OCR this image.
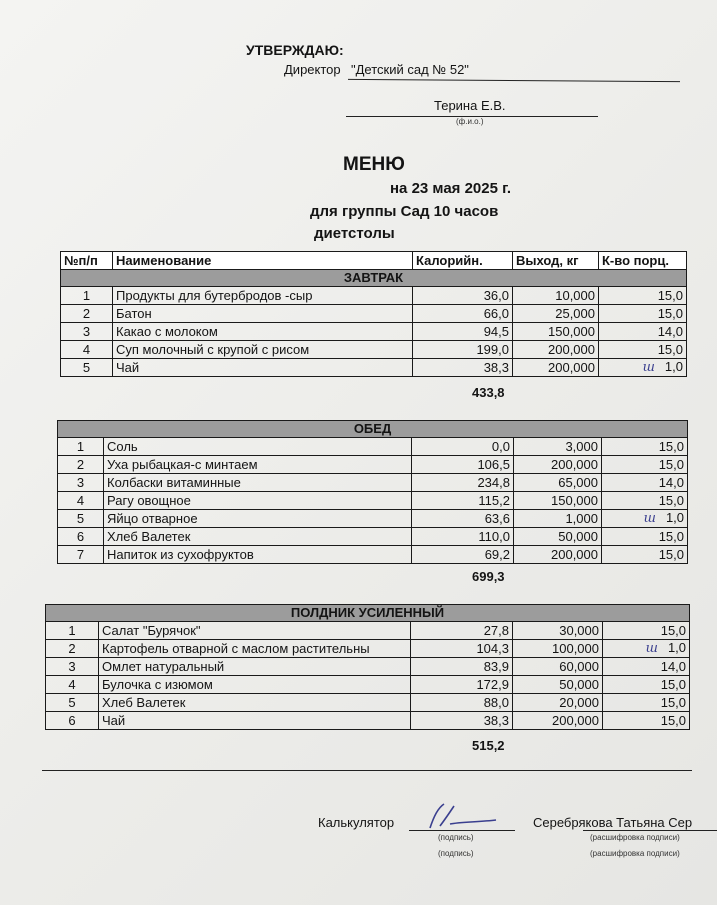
УТВЕРЖДАЮ:
Директор "Детский сад № 52"
Терина Е.В.
(ф.и.о.)
МЕНЮ
на 23 мая 2025 г.
для группы Сад 10 часов
диетстолы
№п/п	Наименование	Калорийн.	Выход, кг	К-во порц.
ЗАВТРАК				
1	Продукты для бутербродов -сыр	36,0	10,000	15,0
2	Батон	66,0	25,000	15,0
3	Какао с молоком	94,5	150,000	14,0
4	Суп молочный с крупой с рисом	199,0	200,000	15,0
5	Чай	38,3	200,000	ш 1,0
433,8
ОБЕД				
1	Соль	0,0	3,000	15,0
2	Уха рыбацкая-с минтаем	106,5	200,000	15,0
3	Колбаски витаминные	234,8	65,000	14,0
4	Рагу овощное	115,2	150,000	15,0
5	Яйцо отварное	63,6	1,000	ш 1,0
6	Хлеб Валетек	110,0	50,000	15,0
7	Напиток из сухофруктов	69,2	200,000	15,0
699,3
ПОЛДНИК УСИЛЕННЫЙ				
1	Салат "Бурячок"	27,8	30,000	15,0
2	Картофель отварной с маслом растительны	104,3	100,000	ш 1,0
3	Омлет натуральный	83,9	60,000	14,0
4	Булочка с изюмом	172,9	50,000	15,0
5	Хлеб Валетек	88,0	20,000	15,0
6	Чай	38,3	200,000	15,0
515,2
Калькулятор
(подпись)
(подпись)
Серебрякова Татьяна Сер
(расшифровка подписи)
(расшифровка подписи)
